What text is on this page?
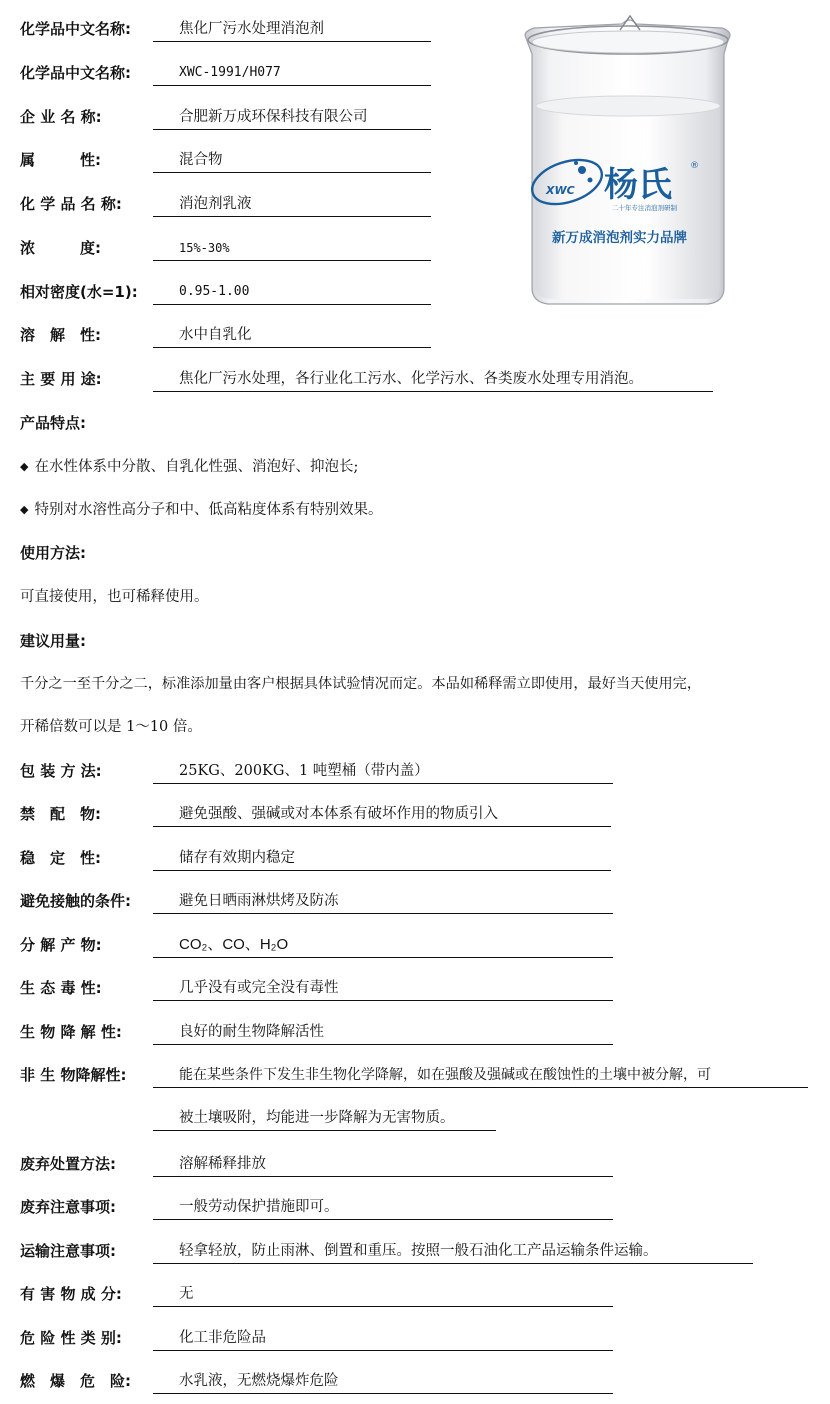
化学品中文名称:	焦化厂污水处理消泡剂
化学品中文名称:	XWC-1991/H077
企 业 名 称:	合肥新万成环保科技有限公司
属　　　性:	混合物
化 学 品 名 称:	消泡剂乳液
浓　　　度:	15%-30%
相对密度(水=1):	0.95-1.00
溶　解　性:	水中自乳化
主 要 用 途:	焦化厂污水处理，各行业化工污水、化学污水、各类废水处理专用消泡。
产品特点:
◆ 在水性体系中分散、自乳化性强、消泡好、抑泡长;
◆ 特别对水溶性高分子和中、低高粘度体系有特别效果。
使用方法:
可直接使用，也可稀释使用。
建议用量:
千分之一至千分之二，标准添加量由客户根据具体试验情况而定。本品如稀释需立即使用，最好当天使用完，
开稀倍数可以是 1～10 倍。
包 装 方 法:	25KG、200KG、1 吨塑桶（带内盖）
禁　配　物:	避免强酸、强碱或对本体系有破坏作用的物质引入
稳　定　性:	储存有效期内稳定
避免接触的条件:	避免日晒雨淋烘烤及防冻
分 解 产 物:	CO₂、CO、H₂O
生 态 毒 性:	几乎没有或完全没有毒性
生 物 降 解 性:	良好的耐生物降解活性
非 生 物降解性:	能在某些条件下发生非生物化学降解，如在强酸及强碱或在酸蚀性的土壤中被分解，可
被土壤吸附，均能进一步降解为无害物质。
废弃处置方法:	溶解稀释排放
废弃注意事项:	一般劳动保护措施即可。
运输注意事项:	轻拿轻放，防止雨淋、倒置和重压。按照一般石油化工产品运输条件运输。
有 害 物 成 分:	无
危 险 性 类 别:	化工非危险品
燃　爆　危　险:	水乳液，无燃烧爆炸危险
XWC 杨氏 ®
二十年专注消泡剂研制
新万成消泡剂实力品牌
